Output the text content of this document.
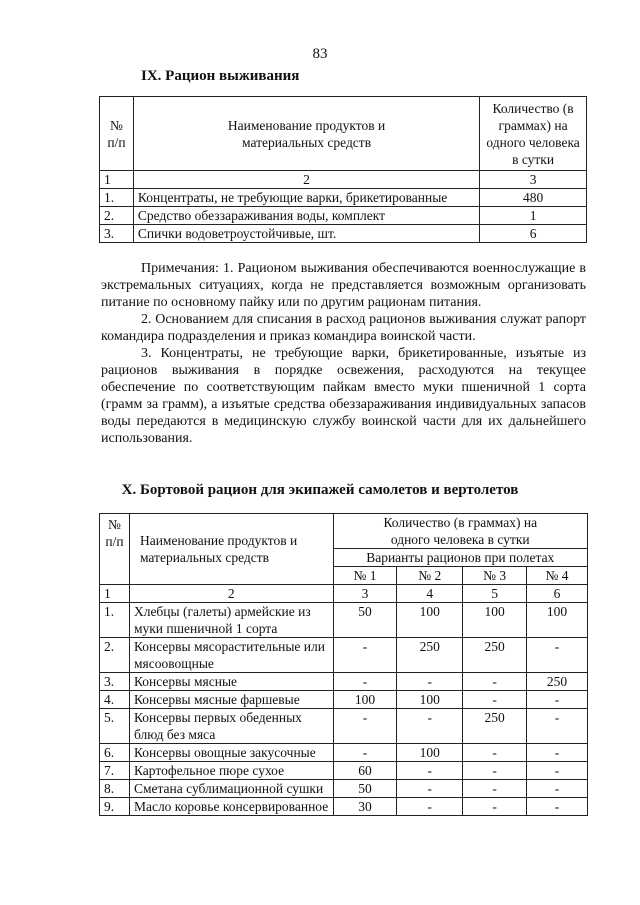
83
IX. Рацион выживания
№ п/п	Наименование продуктов и материальных средств	Количество (в граммах) на одного человека в сутки
1	2	3
1.	Концентраты, не требующие варки, брикетированные	480
2.	Средство обеззараживания воды, комплект	1
3.	Спички водоветроустойчивые, шт.	6

Примечания: 1. Рационом выживания обеспечиваются военнослужащие в экстремальных ситуациях, когда не представляется возможным организовать питание по основному пайку или по другим рационам питания.

2. Основанием для списания в расход рационов выживания служат рапорт командира подразделения и приказ командира воинской части.

3. Концентраты, не требующие варки, брикетированные, изъятые из рационов выживания в порядке освежения, расходуются на текущее обеспечение по соответствующим пайкам вместо муки пшеничной 1 сорта (грамм за грамм), а изъятые средства обеззараживания индивидуальных запасов воды передаются в медицинскую службу воинской части для их дальнейшего использования.

X. Бортовой рацион для экипажей самолетов и вертолетов
№ п/п	Наименование продуктов и материальных средств	Количество (в граммах) на одного человека в сутки			
		Варианты рационов при полетах			
		№ 1	№ 2	№ 3	№ 4
1	2	3	4	5	6
1.	Хлебцы (галеты) армейские из муки пшеничной 1 сорта	50	100	100	100
2.	Консервы мясорастительные или мясоовощные	-	250	250	-
3.	Консервы мясные	-	-	-	250
4.	Консервы мясные фаршевые	100	100	-	-
5.	Консервы первых обеденных блюд без мяса	-	-	250	-
6.	Консервы овощные закусочные	-	100	-	-
7.	Картофельное пюре сухое	60	-	-	-
8.	Сметана сублимационной сушки	50	-	-	-
9.	Масло коровье консервированное	30	-	-	-
